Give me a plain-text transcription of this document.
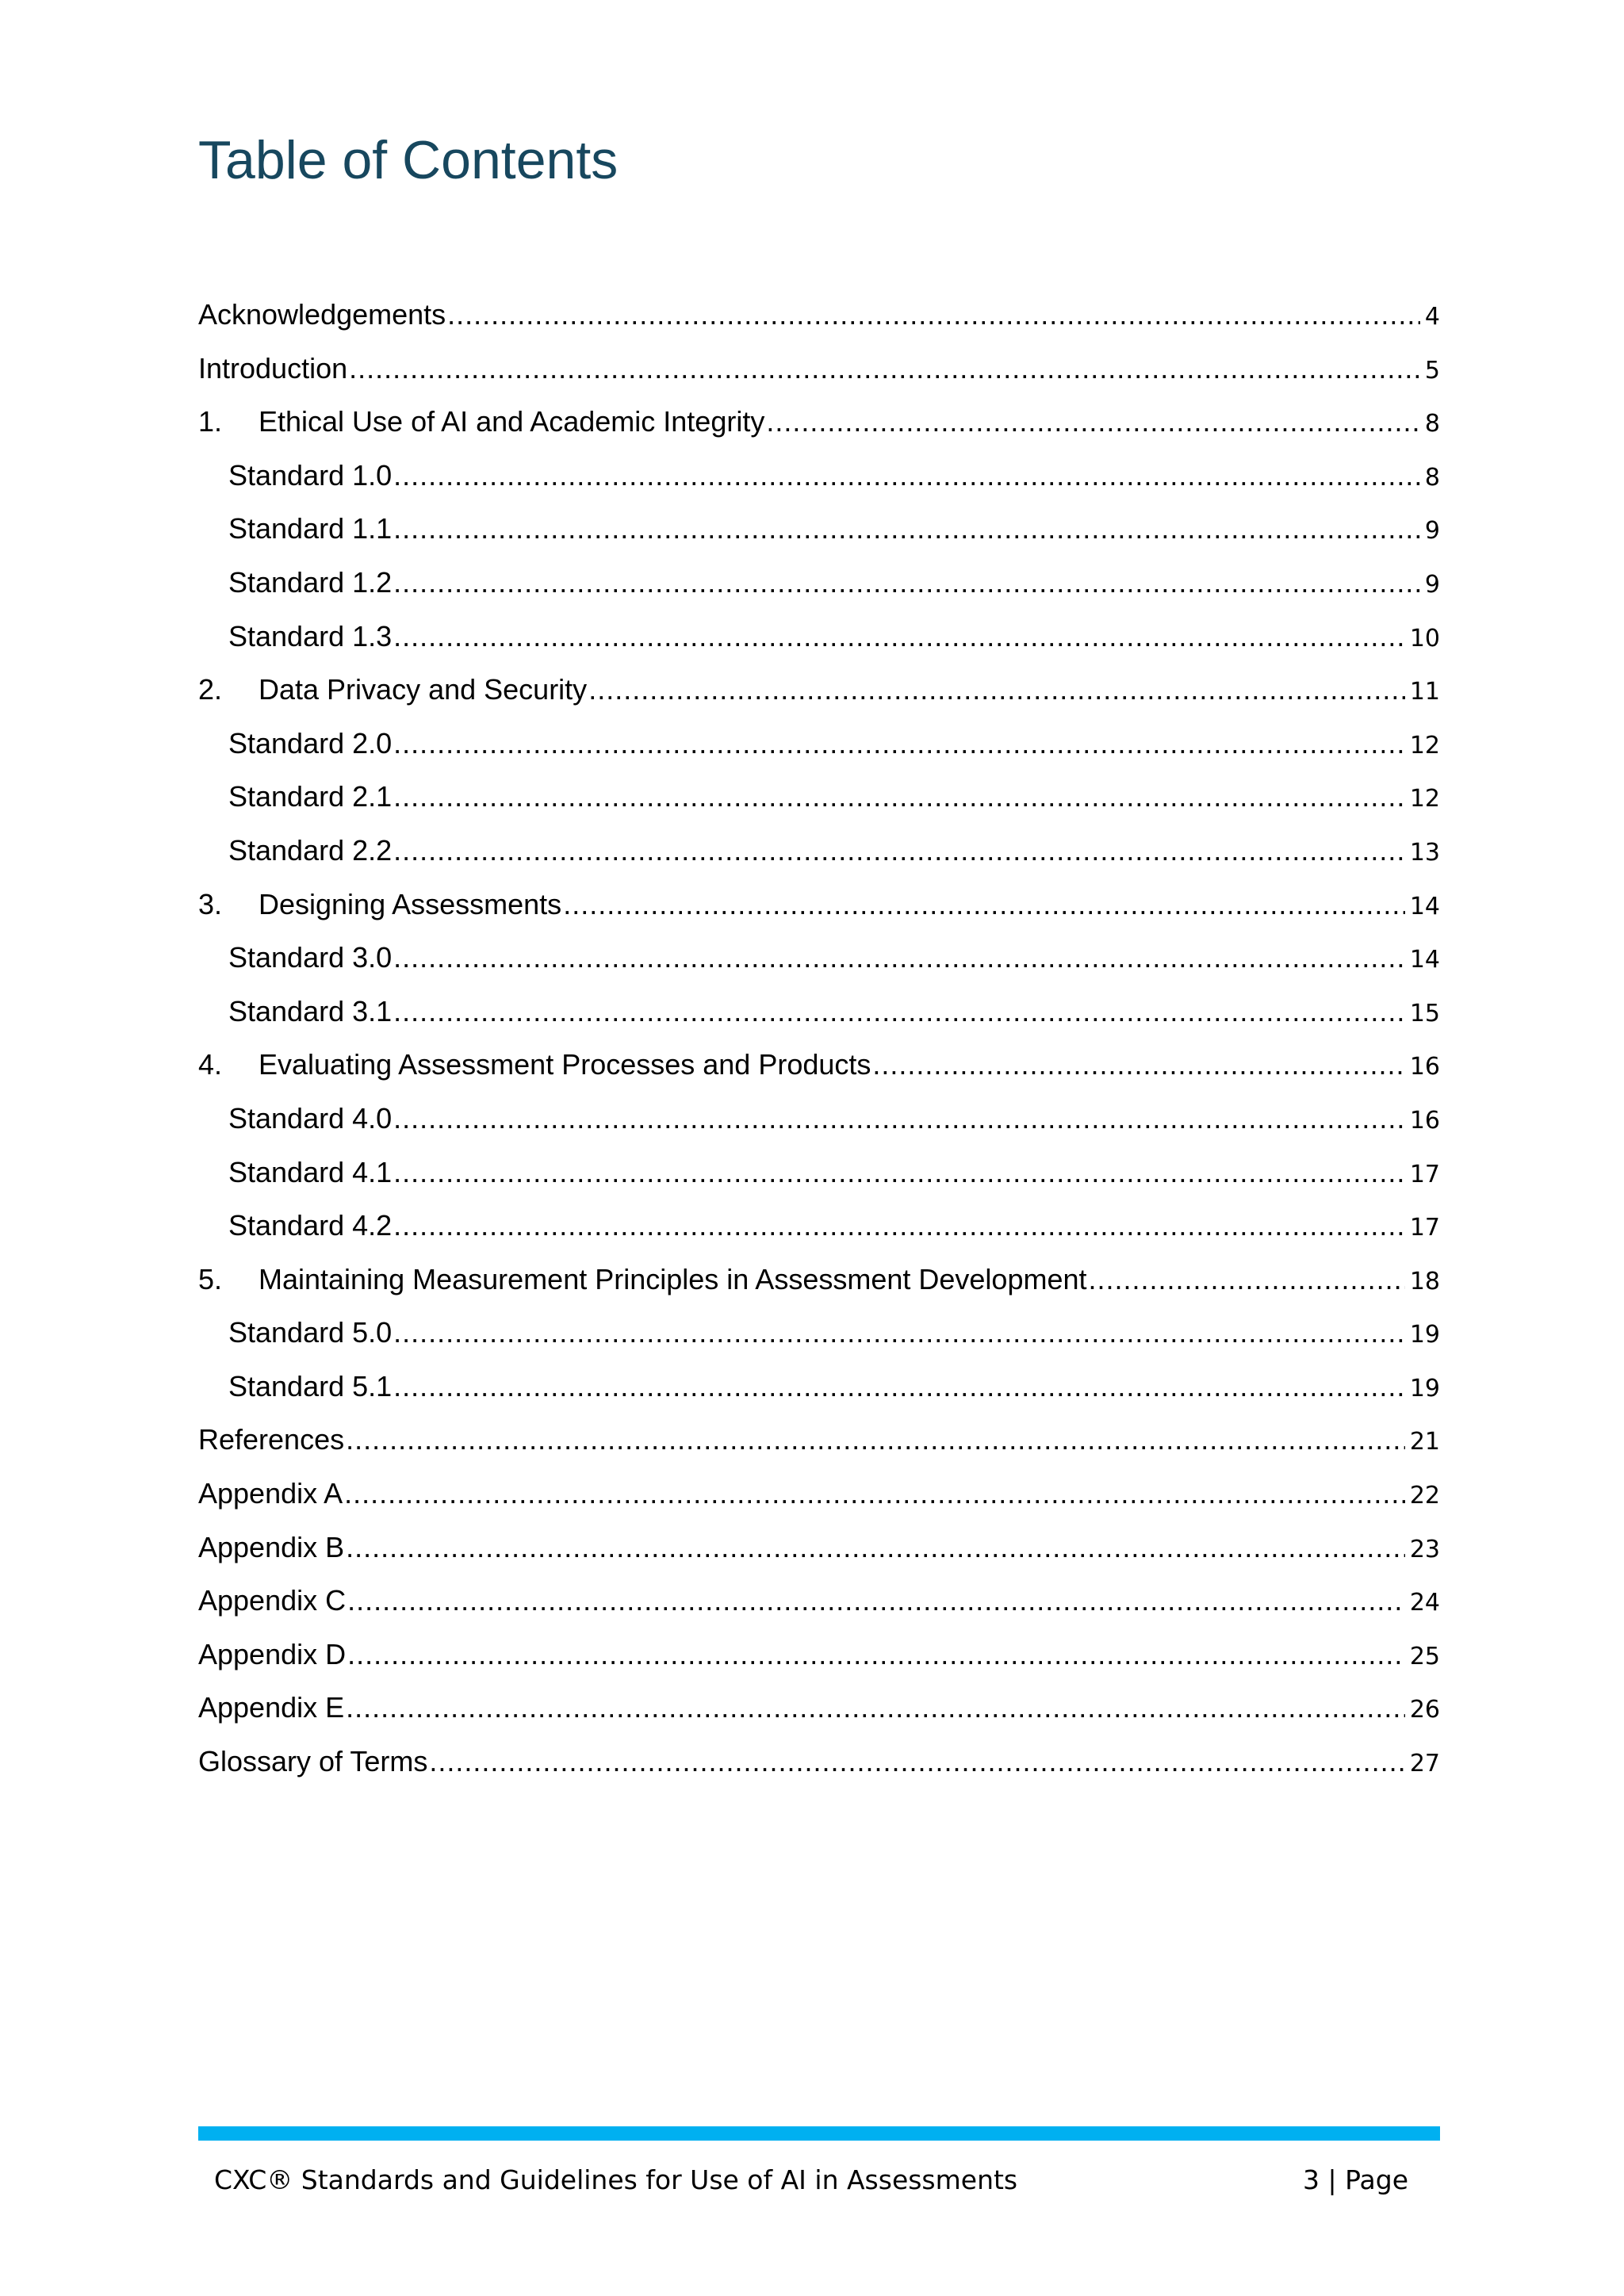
Table of Contents
Acknowledgements .....	4
Introduction .....	5
1.	Ethical Use of AI and Academic Integrity .....	8
Standard 1.0 .....	8
Standard 1.1 .....	9
Standard 1.2 .....	9
Standard 1.3 .....	10
2.	Data Privacy and Security .....	11
Standard 2.0 .....	12
Standard 2.1 .....	12
Standard 2.2 .....	13
3.	Designing Assessments .....	14
Standard 3.0 .....	14
Standard 3.1 .....	15
4.	Evaluating Assessment Processes and Products .....	16
Standard 4.0 .....	16
Standard 4.1 .....	17
Standard 4.2 .....	17
5.	Maintaining Measurement Principles in Assessment Development .....	18
Standard 5.0 .....	19
Standard 5.1 .....	19
References .....	21
Appendix A .....	22
Appendix B .....	23
Appendix C .....	24
Appendix D .....	25
Appendix E .....	26
Glossary of Terms .....	27
CXC® Standards and Guidelines for Use of AI in Assessments	3 | Page
